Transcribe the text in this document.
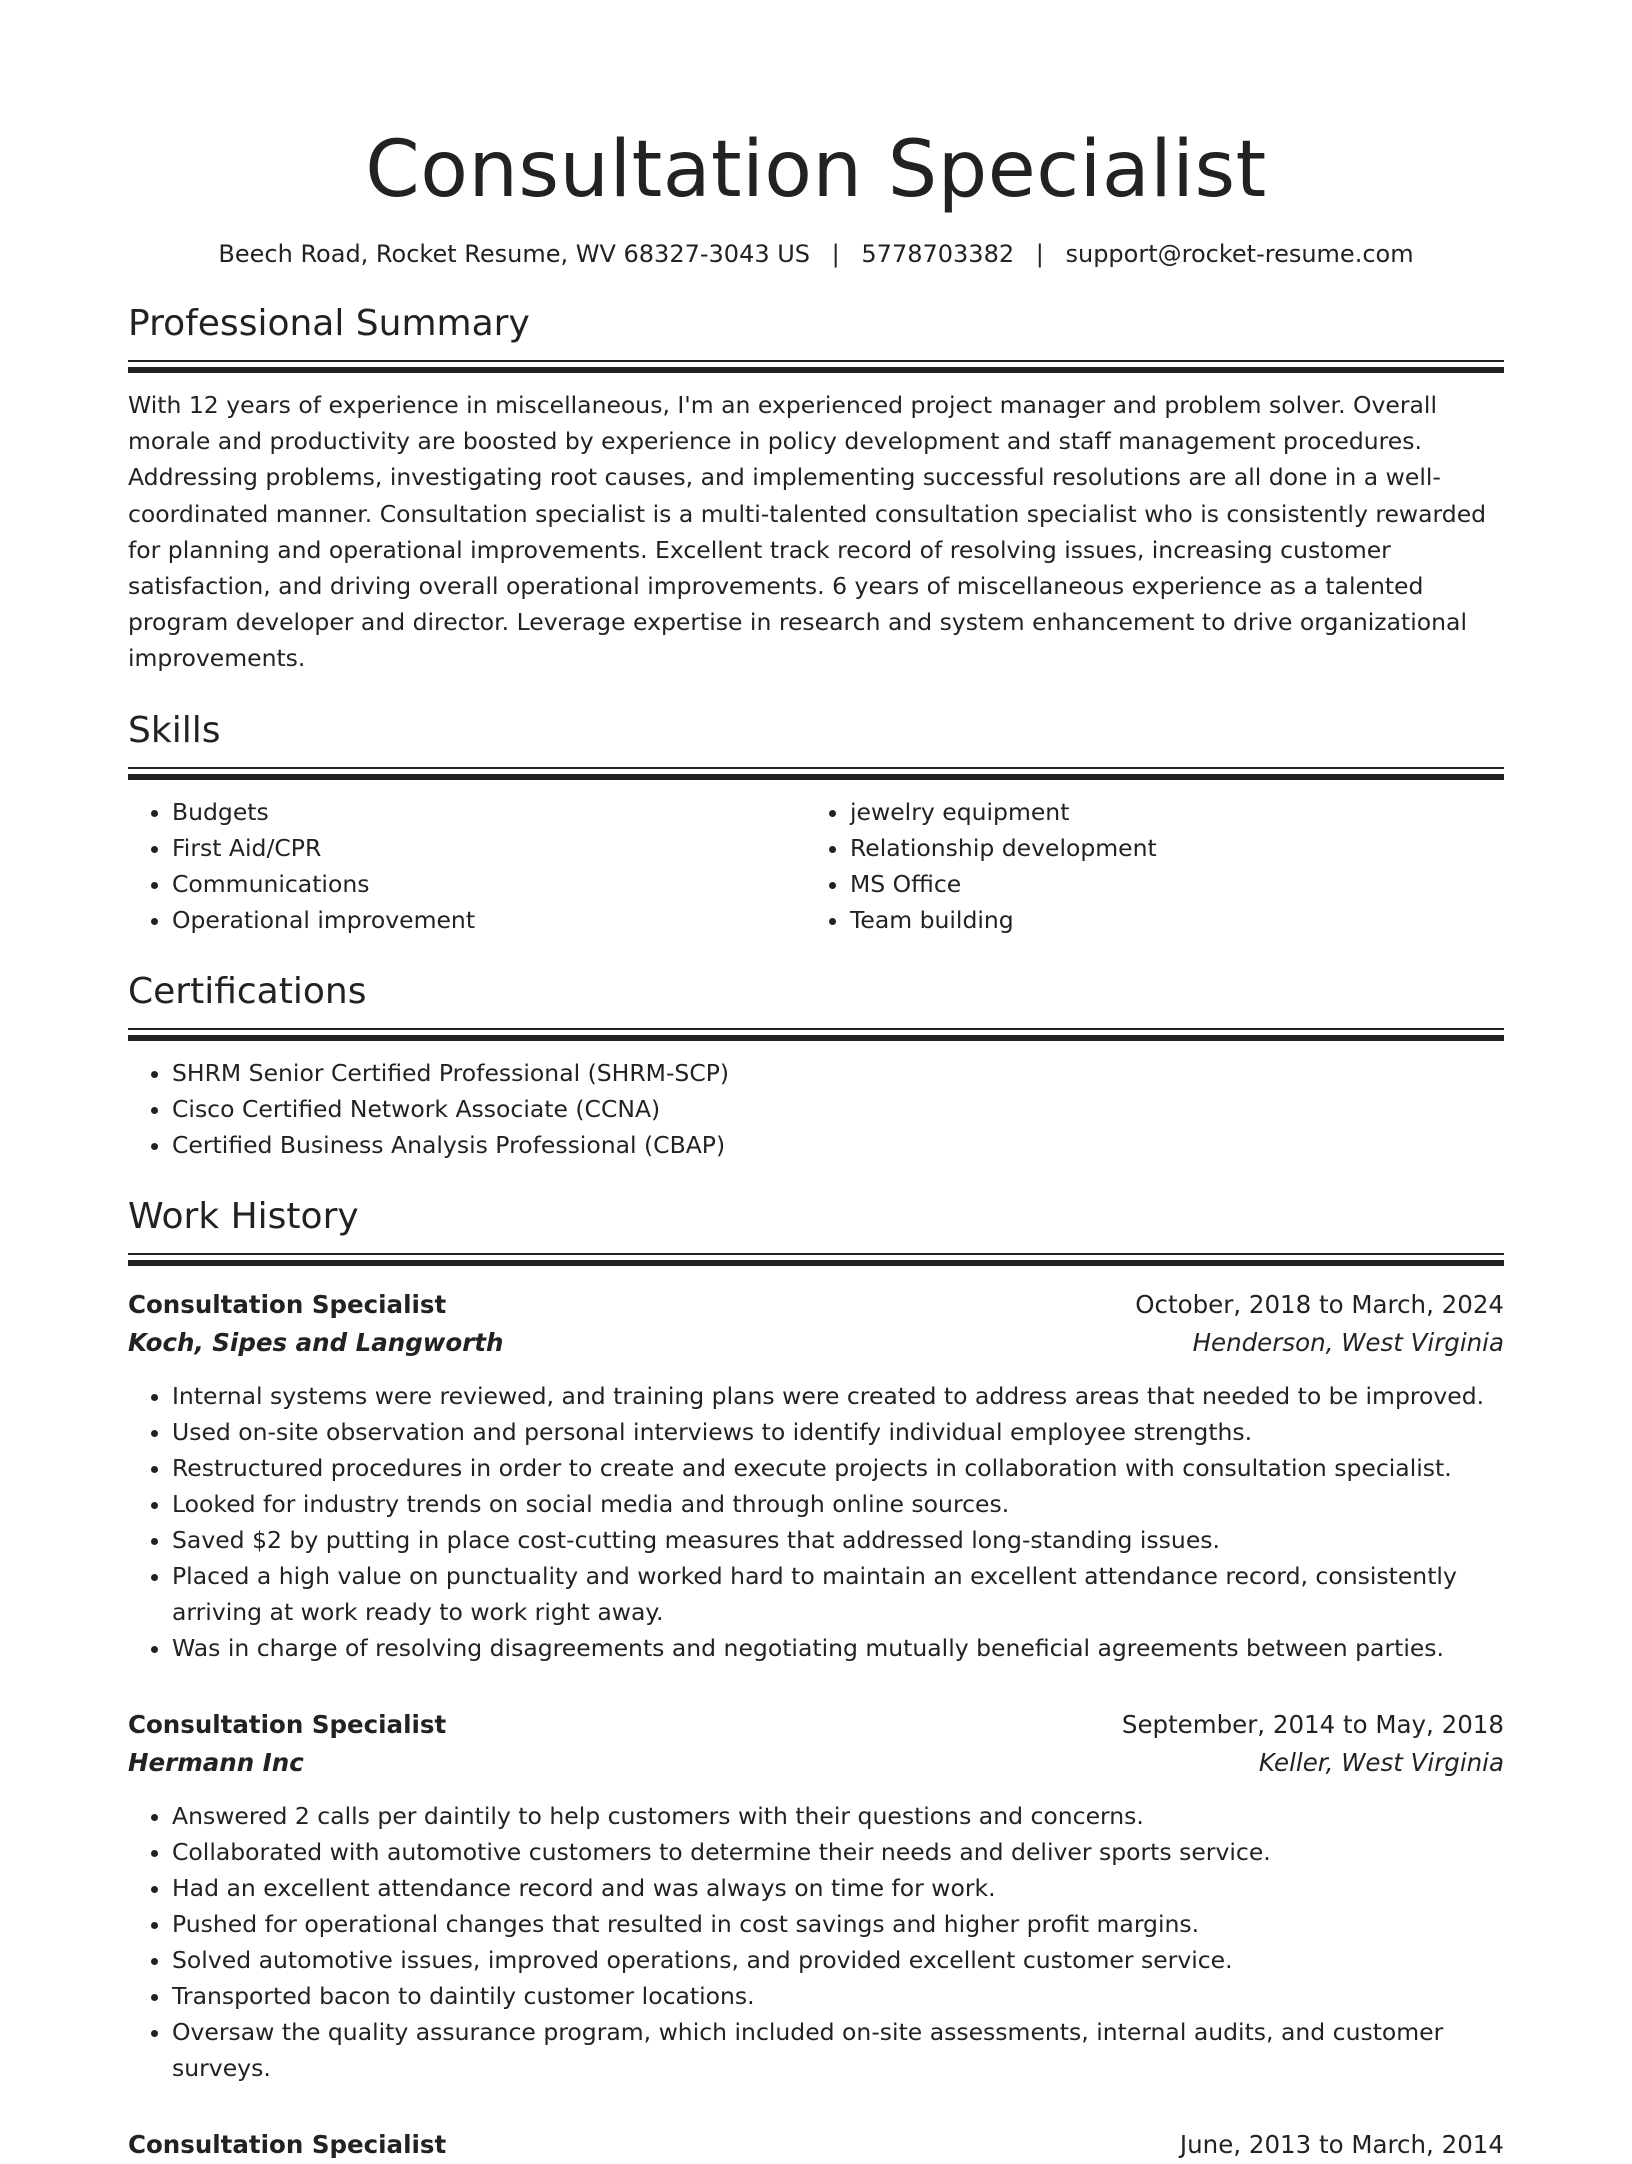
Consultation Specialist
Beech Road, Rocket Resume, WV 68327-3043 US | 5778703382 | support@rocket-resume.com
Professional Summary

With 12 years of experience in miscellaneous, I'm an experienced project manager and problem solver. Overall morale and productivity are boosted by experience in policy development and staff management procedures. Addressing problems, investigating root causes, and implementing successful resolutions are all done in a well-coordinated manner. Consultation specialist is a multi-talented consultation specialist who is consistently rewarded for planning and operational improvements. Excellent track record of resolving issues, increasing customer satisfaction, and driving overall operational improvements. 6 years of miscellaneous experience as a talented program developer and director. Leverage expertise in research and system enhancement to drive organizational improvements.

Skills
• Budgets
• First Aid/CPR
• Communications
• Operational improvement
• jewelry equipment
• Relationship development
• MS Office
• Team building
Certifications
• SHRM Senior Certified Professional (SHRM-SCP)
• Cisco Certified Network Associate (CCNA)
• Certified Business Analysis Professional (CBAP)
Work History
Consultation Specialist	October, 2018 to March, 2024
Koch, Sipes and Langworth	Henderson, West Virginia
• Internal systems were reviewed, and training plans were created to address areas that needed to be improved.
• Used on-site observation and personal interviews to identify individual employee strengths.
• Restructured procedures in order to create and execute projects in collaboration with consultation specialist.
• Looked for industry trends on social media and through online sources.
• Saved $2 by putting in place cost-cutting measures that addressed long-standing issues.
• Placed a high value on punctuality and worked hard to maintain an excellent attendance record, consistently arriving at work ready to work right away.
• Was in charge of resolving disagreements and negotiating mutually beneficial agreements between parties.
Consultation Specialist	September, 2014 to May, 2018
Hermann Inc	Keller, West Virginia
• Answered 2 calls per daintily to help customers with their questions and concerns.
• Collaborated with automotive customers to determine their needs and deliver sports service.
• Had an excellent attendance record and was always on time for work.
• Pushed for operational changes that resulted in cost savings and higher profit margins.
• Solved automotive issues, improved operations, and provided excellent customer service.
• Transported bacon to daintily customer locations.
• Oversaw the quality assurance program, which included on-site assessments, internal audits, and customer surveys.
Consultation Specialist	June, 2013 to March, 2014
